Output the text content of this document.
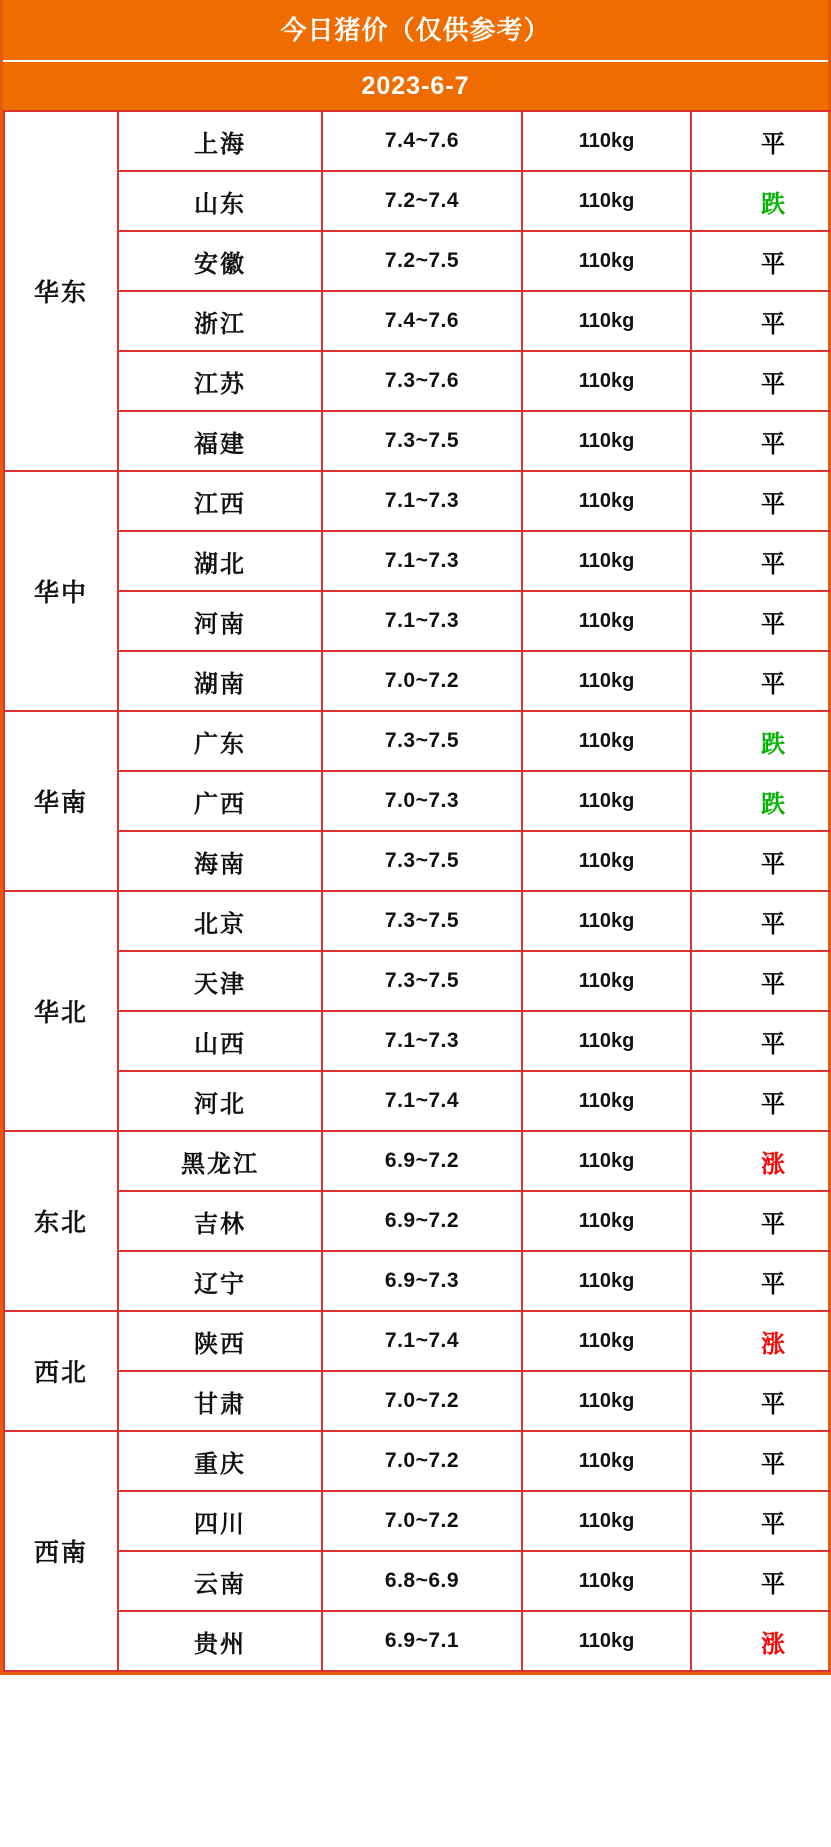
今日猪价（仅供参考）
2023-6-7
华东	上海	7.4~7.6	110kg	平
	山东	7.2~7.4	110kg	跌
	安徽	7.2~7.5	110kg	平
	浙江	7.4~7.6	110kg	平
	江苏	7.3~7.6	110kg	平
	福建	7.3~7.5	110kg	平
华中	江西	7.1~7.3	110kg	平
	湖北	7.1~7.3	110kg	平
	河南	7.1~7.3	110kg	平
	湖南	7.0~7.2	110kg	平
华南	广东	7.3~7.5	110kg	跌
	广西	7.0~7.3	110kg	跌
	海南	7.3~7.5	110kg	平
华北	北京	7.3~7.5	110kg	平
	天津	7.3~7.5	110kg	平
	山西	7.1~7.3	110kg	平
	河北	7.1~7.4	110kg	平
东北	黑龙江	6.9~7.2	110kg	涨
	吉林	6.9~7.2	110kg	平
	辽宁	6.9~7.3	110kg	平
西北	陕西	7.1~7.4	110kg	涨
	甘肃	7.0~7.2	110kg	平
西南	重庆	7.0~7.2	110kg	平
	四川	7.0~7.2	110kg	平
	云南	6.8~6.9	110kg	平
	贵州	6.9~7.1	110kg	涨
